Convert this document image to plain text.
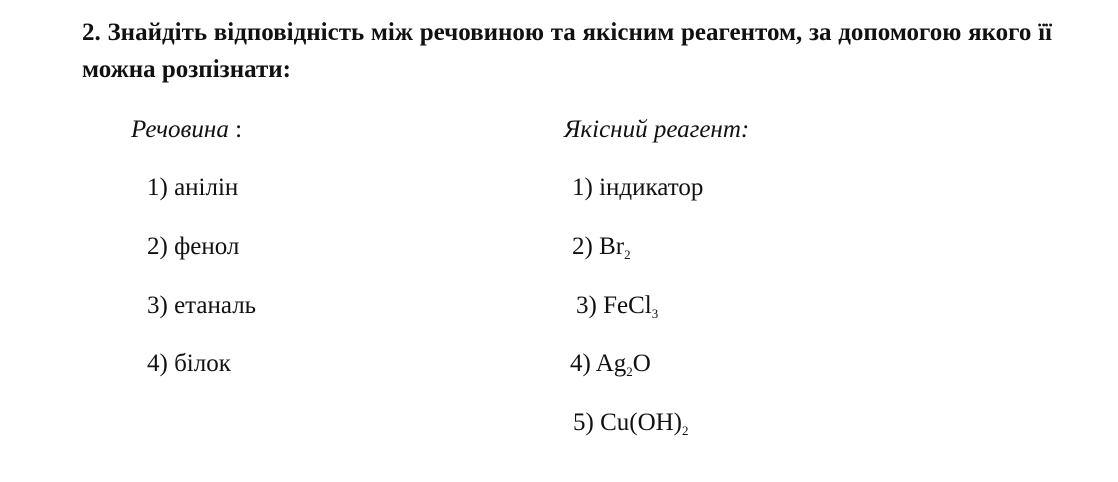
2. Знайдіть відповідність між речовиною та якісним реагентом, за допомогою якого її можна розпізнати:
Речовина :	Якісний реагент:
1) анілін
2) фенол
3) етаналь
4) білок
1) індикатор
2) $Br_2$
3) FeCl$_3$
4) $Ag_2O$
5) $Cu(OH)_2$
